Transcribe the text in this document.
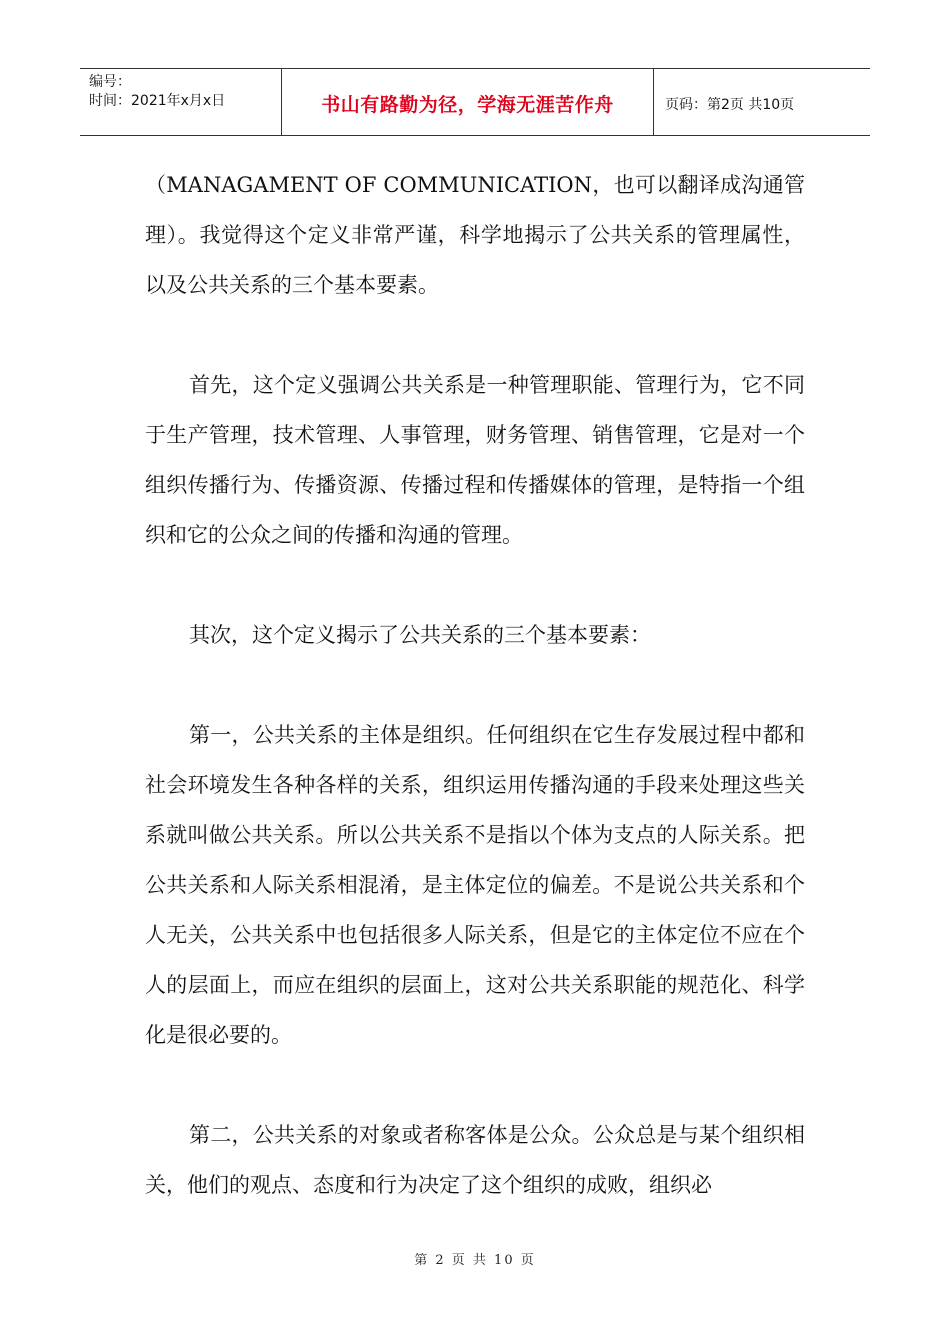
编号：
时间：2021年x月x日	书山有路勤为径，学海无涯苦作舟	页码：第2页 共10页

（MANAGAMENT OF COMMUNICATION，也可以翻译成沟通管理）。我觉得这个定义非常严谨，科学地揭示了公共关系的管理属性，以及公共关系的三个基本要素。

首先，这个定义强调公共关系是一种管理职能、管理行为，它不同于生产管理，技术管理、人事管理，财务管理、销售管理，它是对一个组织传播行为、传播资源、传播过程和传播媒体的管理，是特指一个组织和它的公众之间的传播和沟通的管理。

其次，这个定义揭示了公共关系的三个基本要素：

第一，公共关系的主体是组织。任何组织在它生存发展过程中都和社会环境发生各种各样的关系，组织运用传播沟通的手段来处理这些关系就叫做公共关系。所以公共关系不是指以个体为支点的人际关系。把公共关系和人际关系相混淆，是主体定位的偏差。不是说公共关系和个人无关，公共关系中也包括很多人际关系，但是它的主体定位不应在个人的层面上，而应在组织的层面上，这对公共关系职能的规范化、科学化是很必要的。

第二，公共关系的对象或者称客体是公众。公众总是与某个组织相关，他们的观点、态度和行为决定了这个组织的成败，组织必

第 2 页 共 10 页
